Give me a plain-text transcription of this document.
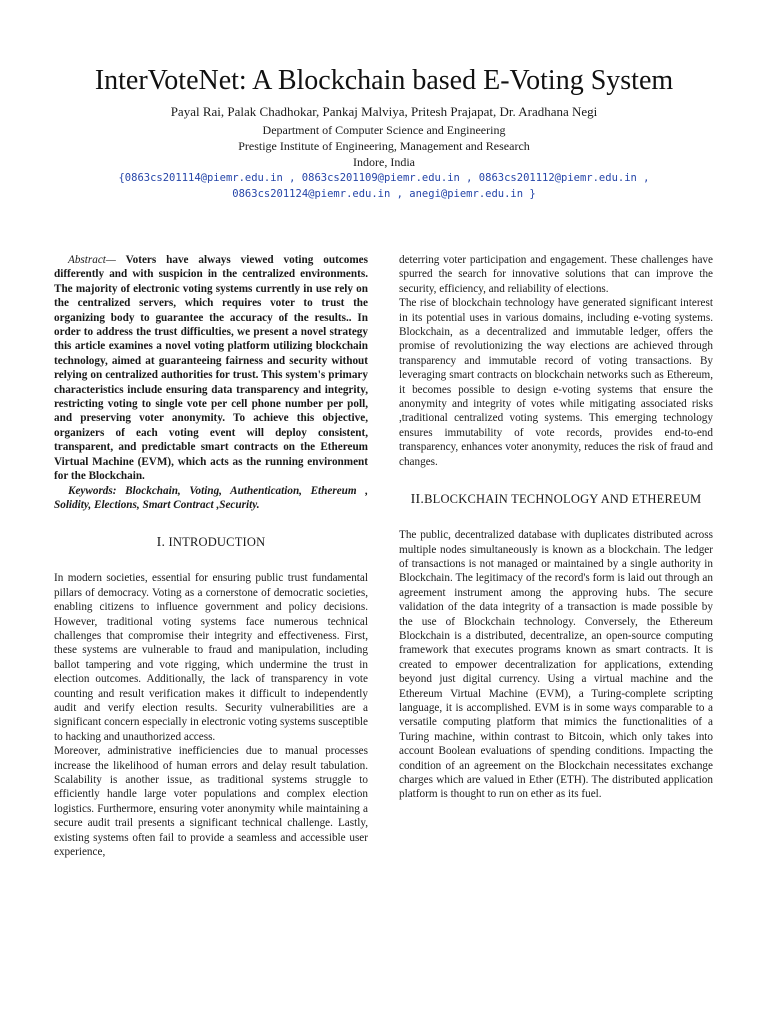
InterVoteNet: A Blockchain based E-Voting System
Payal Rai, Palak Chadhokar, Pankaj Malviya, Pritesh Prajapat, Dr. Aradhana Negi
Department of Computer Science and Engineering
Prestige Institute of Engineering, Management and Research
Indore, India
{0863cs201114@piemr.edu.in , 0863cs201109@piemr.edu.in , 0863cs201112@piemr.edu.in ,
0863cs201124@piemr.edu.in , anegi@piemr.edu.in }

Abstract— Voters have always viewed voting outcomes differently and with suspicion in the centralized environments. The majority of electronic voting systems currently in use rely on the centralized servers, which requires voter to trust the organizing body to guarantee the accuracy of the results.. In order to address the trust difficulties, we present a novel strategy this article examines a novel voting platform utilizing blockchain technology, aimed at guaranteeing fairness and security without relying on centralized authorities for trust. This system's primary characteristics include ensuring data transparency and integrity, restricting voting to single vote per cell phone number per poll, and preserving voter anonymity. To achieve this objective, organizers of each voting event will deploy consistent, transparent, and predictable smart contracts on the Ethereum Virtual Machine (EVM), which acts as the running environment for the Blockchain.

Keywords: Blockchain, Voting, Authentication, Ethereum , Solidity, Elections, Smart Contract ,Security.

I. INTRODUCTION

In modern societies, essential for ensuring public trust fundamental pillars of democracy. Voting as a cornerstone of democratic societies, enabling citizens to influence government and policy decisions. However, traditional voting systems face numerous technical challenges that compromise their integrity and effectiveness. First, these systems are vulnerable to fraud and manipulation, including ballot tampering and vote rigging, which undermine the trust in election outcomes. Additionally, the lack of transparency in vote counting and result verification makes it difficult to independently audit and verify election results. Security vulnerabilities are a significant concern especially in electronic voting systems susceptible to hacking and unauthorized access.

Moreover, administrative inefficiencies due to manual processes increase the likelihood of human errors and delay result tabulation. Scalability is another issue, as traditional systems struggle to efficiently handle large voter populations and complex election logistics. Furthermore, ensuring voter anonymity while maintaining a secure audit trail presents a significant technical challenge. Lastly, existing systems often fail to provide a seamless and accessible user experience,

deterring voter participation and engagement. These challenges have spurred the search for innovative solutions that can improve the security, efficiency, and reliability of elections.

The rise of blockchain technology have generated significant interest in its potential uses in various domains, including e-voting systems. Blockchain, as a decentralized and immutable ledger, offers the promise of revolutionizing the way elections are achieved through transparency and immutable record of voting transactions. By leveraging smart contracts on blockchain networks such as Ethereum, it becomes possible to design e-voting systems that ensure the anonymity and integrity of votes while mitigating associated risks ,traditional centralized voting systems. This emerging technology ensures immutability of vote records, provides end-to-end transparency, enhances voter anonymity, reduces the risk of fraud and changes.

II.BLOCKCHAIN TECHNOLOGY AND ETHEREUM

The public, decentralized database with duplicates distributed across multiple nodes simultaneously is known as a blockchain. The ledger of transactions is not managed or maintained by a single authority in Blockchain. The legitimacy of the record's form is laid out through an agreement instrument among the approving hubs. The secure validation of the data integrity of a transaction is made possible by the use of Blockchain technology. Conversely, the Ethereum Blockchain is a distributed, decentralize, an open-source computing framework that executes programs known as smart contracts. It is created to empower decentralization for applications, extending beyond just digital currency. Using a virtual machine and the Ethereum Virtual Machine (EVM), a Turing-complete scripting language, it is accomplished. EVM is in some ways comparable to a versatile computing platform that mimics the functionalities of a Turing machine, within contrast to Bitcoin, which only takes into account Boolean evaluations of spending conditions. Impacting the condition of an agreement on the Blockchain necessitates exchange charges which are valued in Ether (ETH). The distributed application platform is thought to run on ether as its fuel.
